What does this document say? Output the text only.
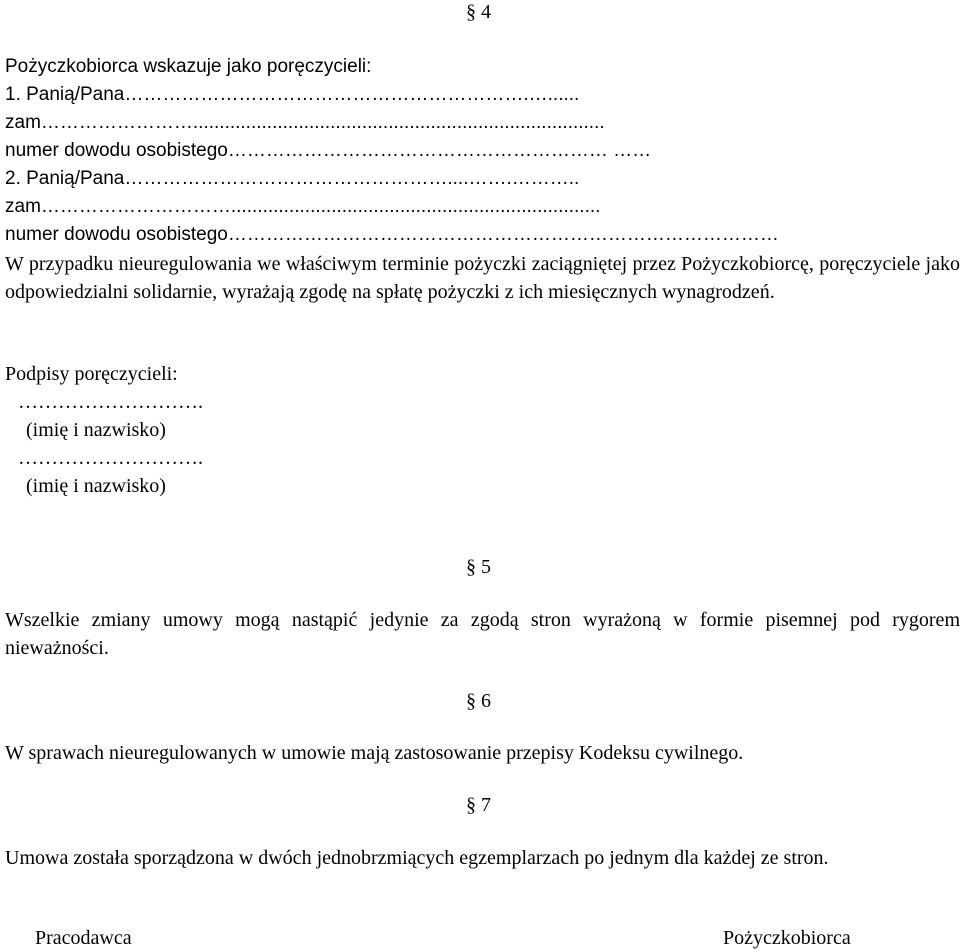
§ 4
Pożyczkobiorca wskazuje jako poręczycieli:
1. Panią/Pana……………………………………………………….…......
zam……………………..............................................................................
numer dowodu osobistego…………………………………………………… ……
2. Panią/Pana……………………………………………....…….………..
zam…………………………......................................................................
numer dowodu osobistego……………………………………………………………………………
W przypadku nieuregulowania we właściwym terminie pożyczki zaciągniętej przez Pożyczkobiorcę, poręczyciele jako odpowiedzialni solidarnie, wyrażają zgodę na spłatę pożyczki z ich miesięcznych wynagrodzeń.
Podpisy poręczycieli:
……………………….
(imię i nazwisko)
……………………….
(imię i nazwisko)
§ 5
Wszelkie zmiany umowy mogą nastąpić jedynie za zgodą stron wyrażoną w formie pisemnej pod rygorem nieważności.
§ 6
W sprawach nieuregulowanych w umowie mają zastosowanie przepisy Kodeksu cywilnego.
§ 7
Umowa została sporządzona w dwóch jednobrzmiących egzemplarzach po jednym dla każdej ze stron.
Pracodawca	Pożyczkobiorca
